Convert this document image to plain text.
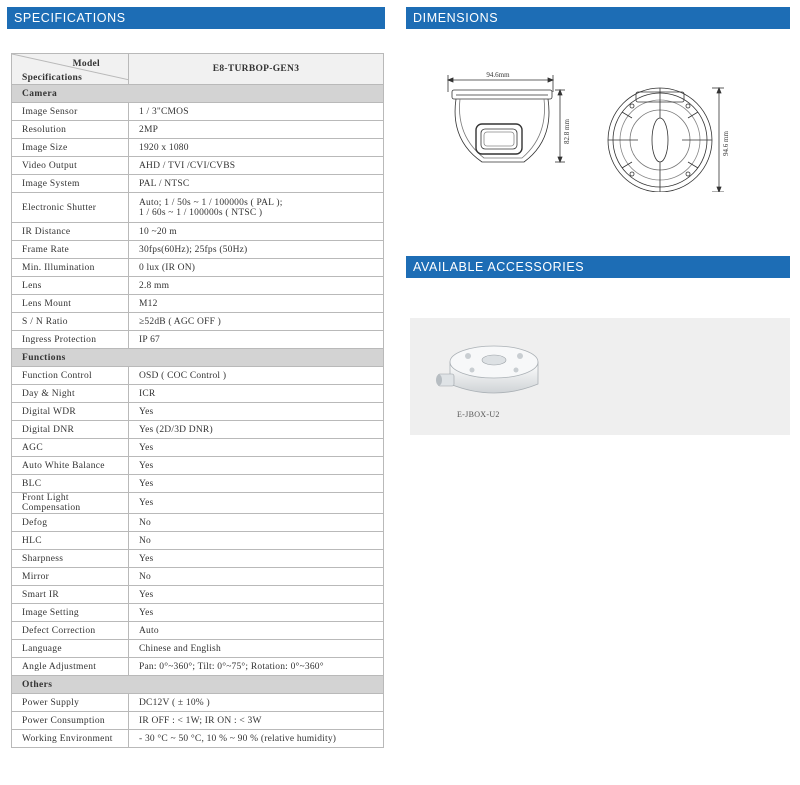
SPECIFICATIONS	DIMENSIONS
AVAILABLE ACCESSORIES
Model
Specifications	E8-TURBOP-GEN3
Camera	
Image Sensor	1 / 3"CMOS
Resolution	2MP
Image Size	1920 x 1080
Video Output	AHD / TVI /CVI/CVBS
Image System	PAL / NTSC
Electronic Shutter	Auto; 1 / 50s ~ 1 / 100000s ( PAL );
1 / 60s ~ 1 / 100000s ( NTSC )
IR Distance	10 ~20 m
Frame Rate	30fps(60Hz); 25fps (50Hz)
Min. Illumination	0 lux (IR ON)
Lens	2.8 mm
Lens Mount	M12
S / N Ratio	≥52dB ( AGC OFF )
Ingress Protection	IP 67
Functions	
Function Control	OSD ( COC Control )
Day & Night	ICR
Digital WDR	Yes
Digital DNR	Yes (2D/3D DNR)
AGC	Yes
Auto White Balance	Yes
BLC	Yes
Front Light Compensation	Yes
Defog	No
HLC	No
Sharpness	Yes
Mirror	No
Smart IR	Yes
Image Setting	Yes
Defect Correction	Auto
Language	Chinese and English
Angle Adjustment	Pan: 0°~360°; Tilt: 0°~75°; Rotation: 0°~360°
Others	
Power Supply	DC12V ( ± 10% )
Power Consumption	IR OFF : < 1W; IR ON : < 3W
Working Environment	- 30 °C ~ 50 °C, 10 % ~ 90 % (relative humidity)
94.6mm
82.8 mm	94.6 mm
E-JBOX-U2
